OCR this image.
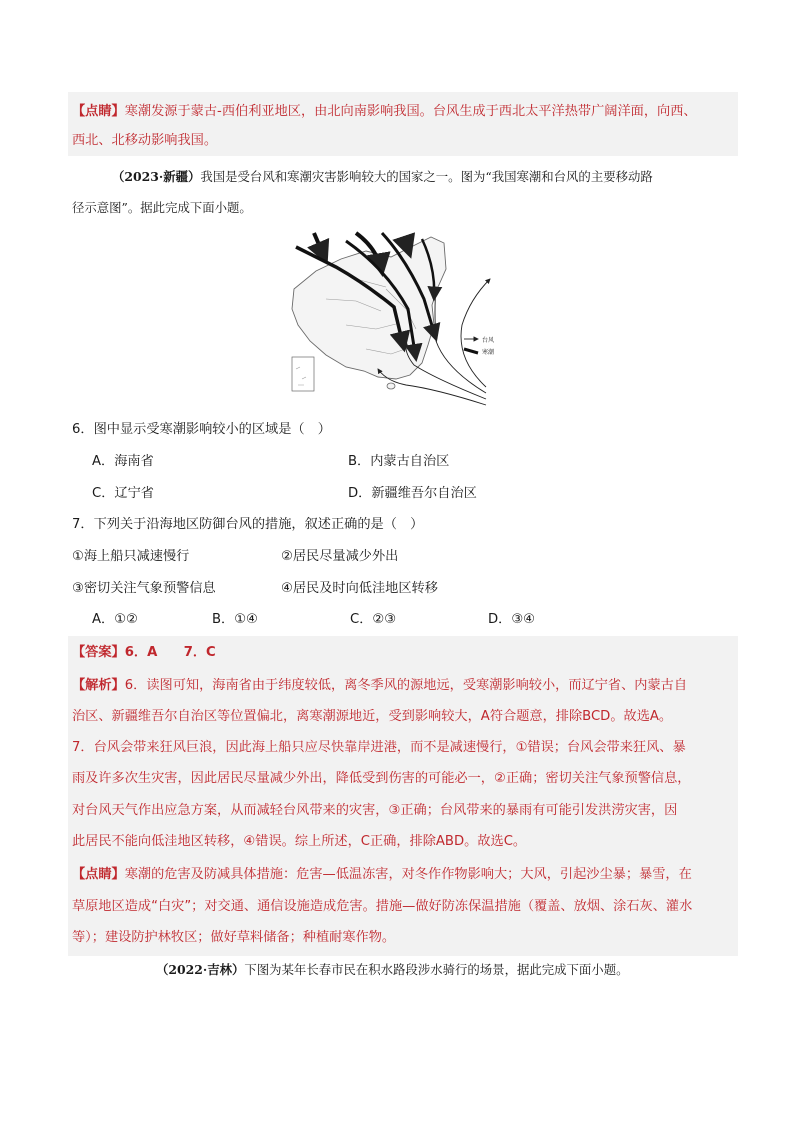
【点睛】寒潮发源于蒙古-西伯利亚地区，由北向南影响我国。台风生成于西北太平洋热带广阔洋面，向西、
西北、北移动影响我国。
（2023·新疆）我国是受台风和寒潮灾害影响较大的国家之一。图为“我国寒潮和台风的主要移动路
径示意图”。据此完成下面小题。
台风
寒潮
6．图中显示受寒潮影响较小的区域是（　）
A．海南省	B．内蒙古自治区
C．辽宁省	D．新疆维吾尔自治区
7．下列关于沿海地区防御台风的措施，叙述正确的是（　）
①海上船只减速慢行	②居民尽量减少外出
③密切关注气象预警信息	④居民及时向低洼地区转移
A．①②	B．①④	C．②③	D．③④
【答案】6．A　　7．C
【解析】6．读图可知，海南省由于纬度较低，离冬季风的源地远，受寒潮影响较小，而辽宁省、内蒙古自
治区、新疆维吾尔自治区等位置偏北，离寒潮源地近，受到影响较大，A符合题意，排除BCD。故选A。
7．台风会带来狂风巨浪，因此海上船只应尽快靠岸进港，而不是减速慢行，①错误；台风会带来狂风、暴
雨及许多次生灾害，因此居民尽量减少外出，降低受到伤害的可能必一，②正确；密切关注气象预警信息，
对台风天气作出应急方案，从而减轻台风带来的灾害，③正确；台风带来的暴雨有可能引发洪涝灾害，因
此居民不能向低洼地区转移，④错误。综上所述，C正确，排除ABD。故选C。
【点睛】寒潮的危害及防减具体措施：危害—低温冻害，对冬作作物影响大；大风，引起沙尘暴；暴雪，在
草原地区造成“白灾”；对交通、通信设施造成危害。措施—做好防冻保温措施（覆盖、放烟、涂石灰、灌水
等）；建设防护林牧区；做好草料储备；种植耐寒作物。
（2022·吉林）下图为某年长春市民在积水路段涉水骑行的场景，据此完成下面小题。
